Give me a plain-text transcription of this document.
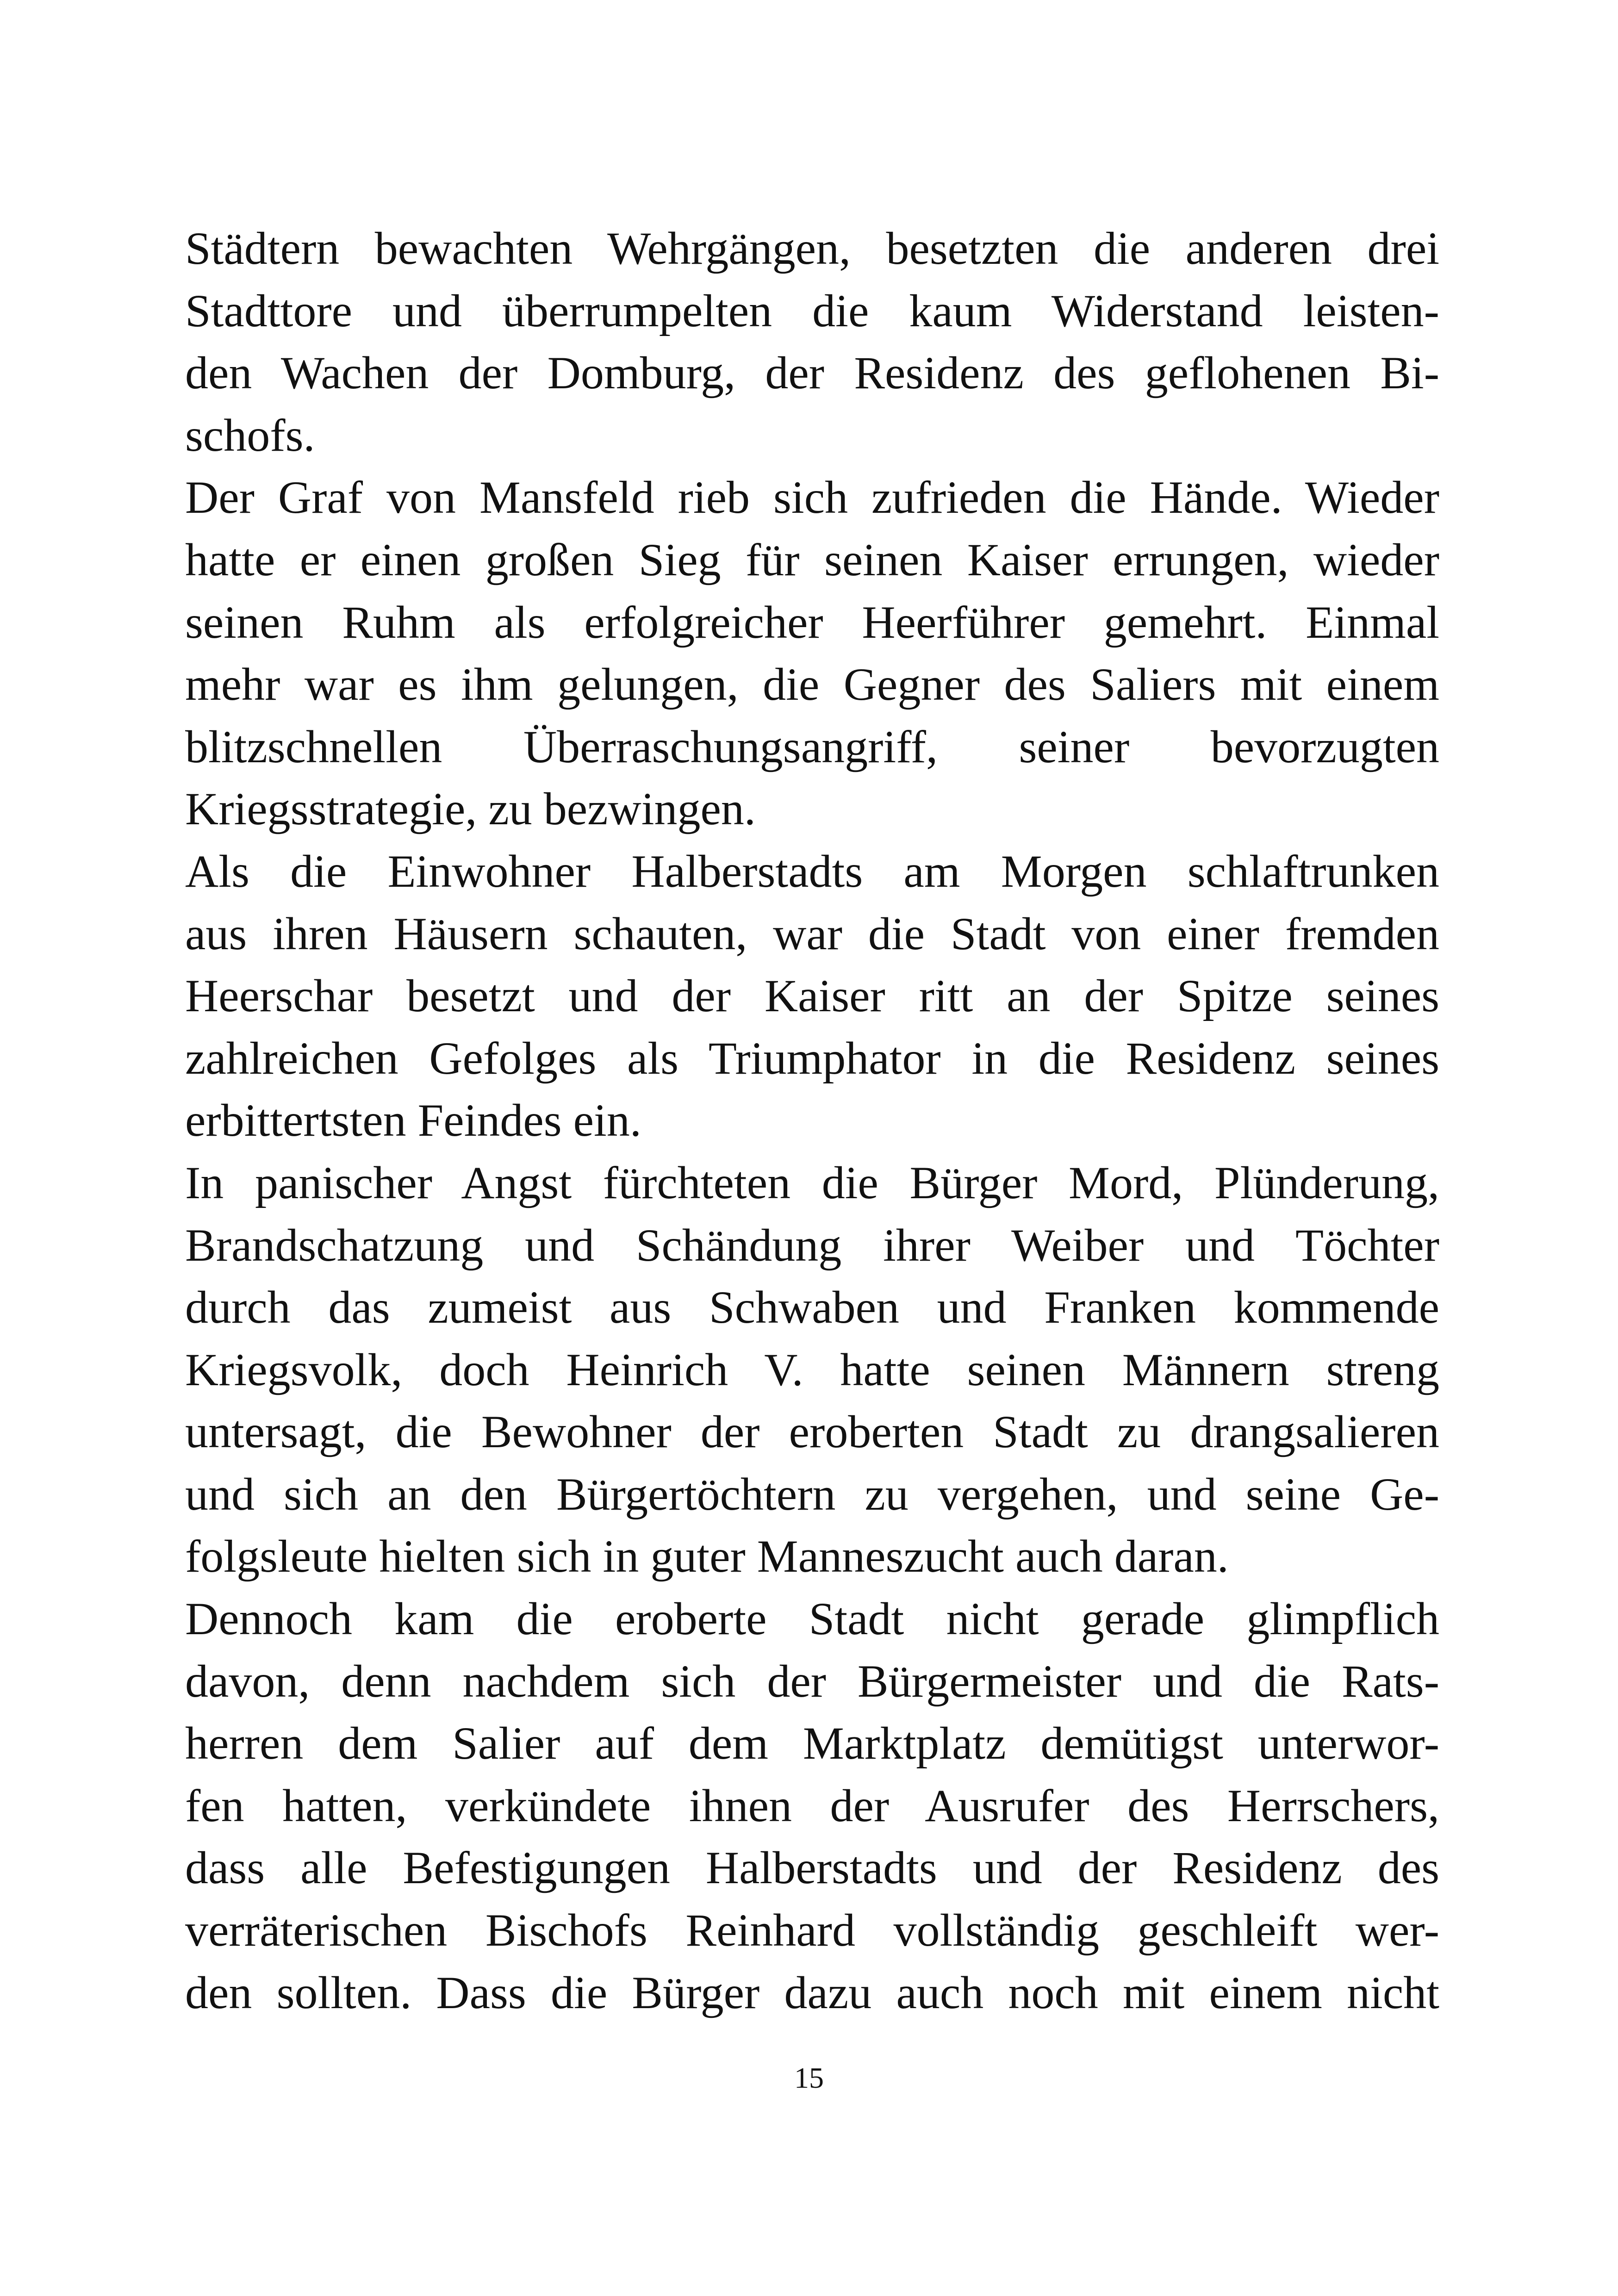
Städtern bewachten Wehrgängen, besetzten die anderen drei
Stadttore und überrumpelten die kaum Widerstand leisten-
den Wachen der Domburg, der Residenz des geflohenen Bi-
schofs.
Der Graf von Mansfeld rieb sich zufrieden die Hände. Wieder
hatte er einen großen Sieg für seinen Kaiser errungen, wieder
seinen Ruhm als erfolgreicher Heerführer gemehrt. Einmal
mehr war es ihm gelungen, die Gegner des Saliers mit einem
blitzschnellen Überraschungsangriff, seiner bevorzugten
Kriegsstrategie, zu bezwingen.
Als die Einwohner Halberstadts am Morgen schlaftrunken
aus ihren Häusern schauten, war die Stadt von einer fremden
Heerschar besetzt und der Kaiser ritt an der Spitze seines
zahlreichen Gefolges als Triumphator in die Residenz seines
erbittertsten Feindes ein.
In panischer Angst fürchteten die Bürger Mord, Plünderung,
Brandschatzung und Schändung ihrer Weiber und Töchter
durch das zumeist aus Schwaben und Franken kommende
Kriegsvolk, doch Heinrich V. hatte seinen Männern streng
untersagt, die Bewohner der eroberten Stadt zu drangsalieren
und sich an den Bürgertöchtern zu vergehen, und seine Ge-
folgsleute hielten sich in guter Manneszucht auch daran.
Dennoch kam die eroberte Stadt nicht gerade glimpflich
davon, denn nachdem sich der Bürgermeister und die Rats-
herren dem Salier auf dem Marktplatz demütigst unterwor-
fen hatten, verkündete ihnen der Ausrufer des Herrschers,
dass alle Befestigungen Halberstadts und der Residenz des
verräterischen Bischofs Reinhard vollständig geschleift wer-
den sollten. Dass die Bürger dazu auch noch mit einem nicht
15
